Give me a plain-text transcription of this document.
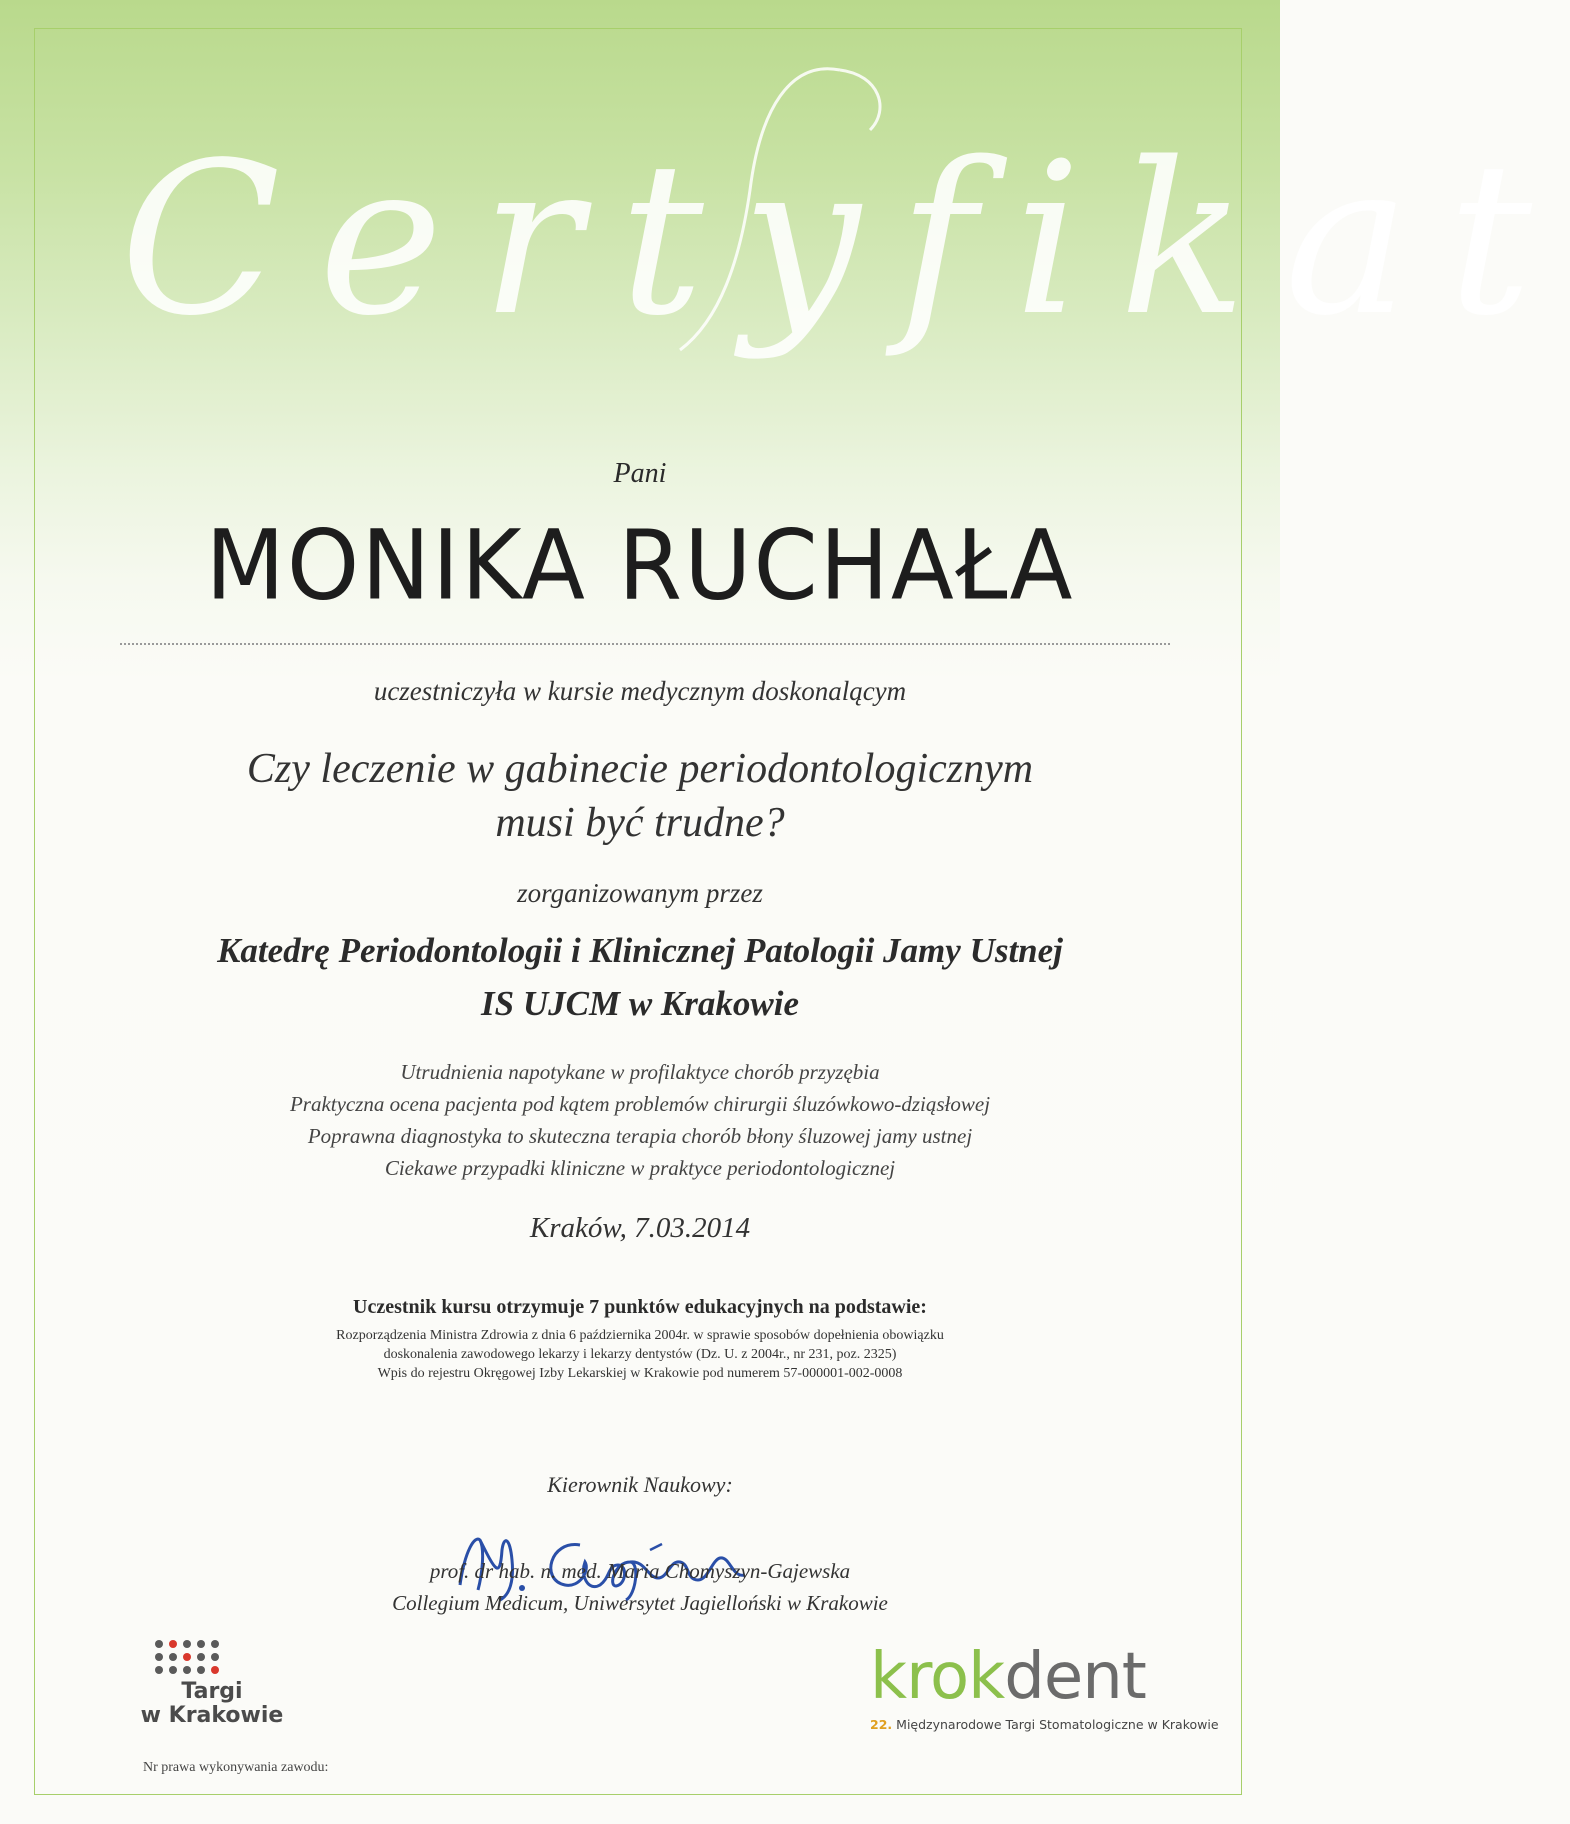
Certyfikat
Pani
MONIKA RUCHAŁA
uczestniczyła w kursie medycznym doskonalącym
Czy leczenie w gabinecie periodontologicznym
musi być trudne?
zorganizowanym przez
Katedrę Periodontologii i Klinicznej Patologii Jamy Ustnej
IS UJCM w Krakowie
Utrudnienia napotykane w profilaktyce chorób przyzębia
Praktyczna ocena pacjenta pod kątem problemów chirurgii śluzówkowo-dziąsłowej
Poprawna diagnostyka to skuteczna terapia chorób błony śluzowej jamy ustnej
Ciekawe przypadki kliniczne w praktyce periodontologicznej
Kraków, 7.03.2014
Uczestnik kursu otrzymuje 7 punktów edukacyjnych na podstawie:
Rozporządzenia Ministra Zdrowia z dnia 6 października 2004r. w sprawie sposobów dopełnienia obowiązku
doskonalenia zawodowego lekarzy i lekarzy dentystów (Dz. U. z 2004r., nr 231, poz. 2325)
Wpis do rejestru Okręgowej Izby Lekarskiej w Krakowie pod numerem 57-000001-002-0008
Kierownik Naukowy:
prof. dr hab. n. med. Maria Chomyszyn-Gajewska
Collegium Medicum, Uniwersytet Jagielloński w Krakowie
Targi
w Krakowie
krokdent
22. Międzynarodowe Targi Stomatologiczne w Krakowie
Nr prawa wykonywania zawodu:
